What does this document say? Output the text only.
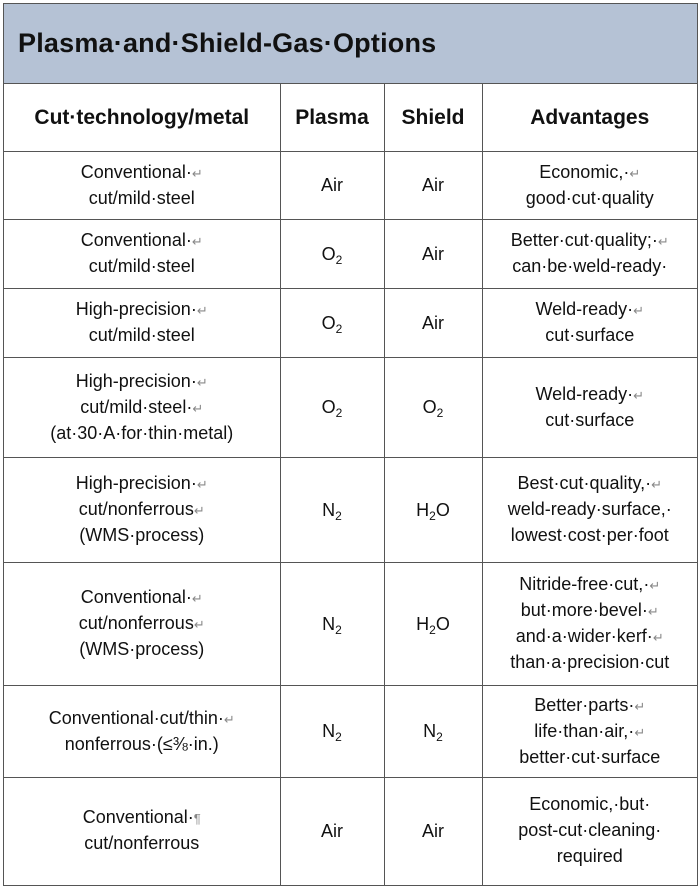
Plasma·and·Shield-Gas·Options
Cut·technology/metal	Plasma	Shield	Advantages

Conventional·↵
cut/mild·steel	Air	Air	Economic,·↵
good·cut·quality

Conventional·↵
cut/mild·steel	$O_2$	Air	Better·cut·quality;·↵
can·be·weld-ready·

High-precision·↵
cut/mild·steel	$O_2$	Air	Weld-ready·↵
cut·surface

High-precision·↵
cut/mild·steel·↵
(at·30·A·for·thin·metal)	$O_2$	$O_2$	Weld-ready·↵
cut·surface

High-precision·↵
cut/nonferrous↵
(WMS·process)	$N_2$	$H_2O$	Best·cut·quality,·↵
weld-ready·surface,·
lowest·cost·per·foot

Conventional·↵
cut/nonferrous↵
(WMS·process)	$N_2$	$H_2O$	Nitride-free·cut,·↵
but·more·bevel·↵
and·a·wider·kerf·↵
than·a·precision·cut

Conventional·cut/thin·↵
nonferrous·(≤⅜·in.)	$N_2$	$N_2$	Better·parts·↵
life·than·air,·↵
better·cut·surface

Conventional·¶
cut/nonferrous	Air	Air	Economic,·but·
post-cut·cleaning·
required
